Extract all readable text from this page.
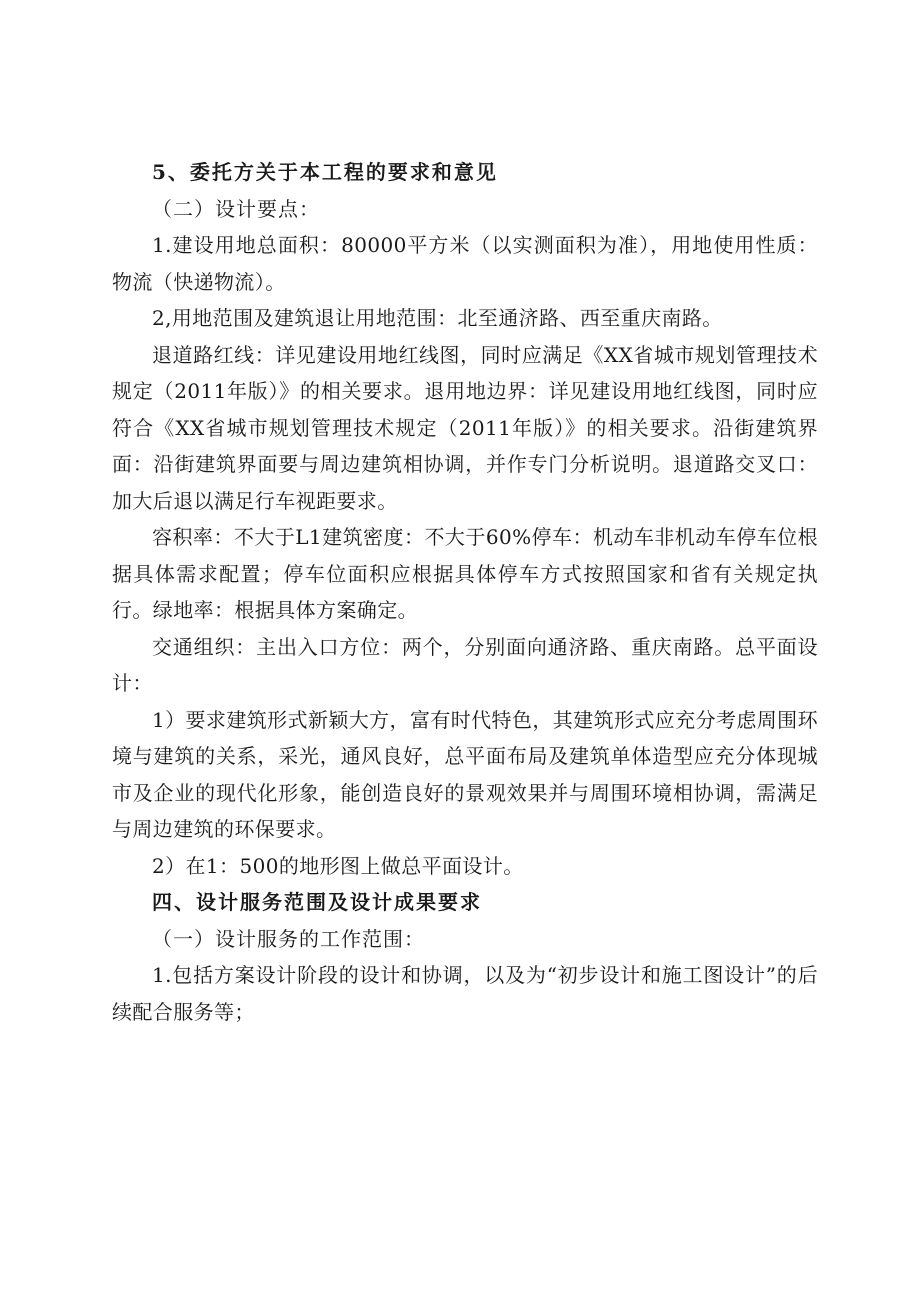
5、委托方关于本工程的要求和意见

（二）设计要点：

1.建设用地总面积：80000平方米（以实测面积为准），用地使用性质：物流（快递物流）。

2,用地范围及建筑退让用地范围：北至通济路、西至重庆南路。

退道路红线：详见建设用地红线图，同时应满足《XX省城市规划管理技术规定（2011年版）》的相关要求。退用地边界：详见建设用地红线图，同时应符合《XX省城市规划管理技术规定（2011年版）》的相关要求。沿街建筑界面：沿街建筑界面要与周边建筑相协调，并作专门分析说明。退道路交叉口：加大后退以满足行车视距要求。

容积率：不大于L1建筑密度：不大于60%停车：机动车非机动车停车位根据具体需求配置；停车位面积应根据具体停车方式按照国家和省有关规定执行。绿地率：根据具体方案确定。

交通组织：主出入口方位：两个，分别面向通济路、重庆南路。总平面设计：

1）要求建筑形式新颖大方，富有时代特色，其建筑形式应充分考虑周围环境与建筑的关系，采光，通风良好，总平面布局及建筑单体造型应充分体现城市及企业的现代化形象，能创造良好的景观效果并与周围环境相协调，需满足与周边建筑的环保要求。

2）在1：500的地形图上做总平面设计。

四、设计服务范围及设计成果要求

（一）设计服务的工作范围：

1.包括方案设计阶段的设计和协调，以及为“初步设计和施工图设计”的后续配合服务等；
